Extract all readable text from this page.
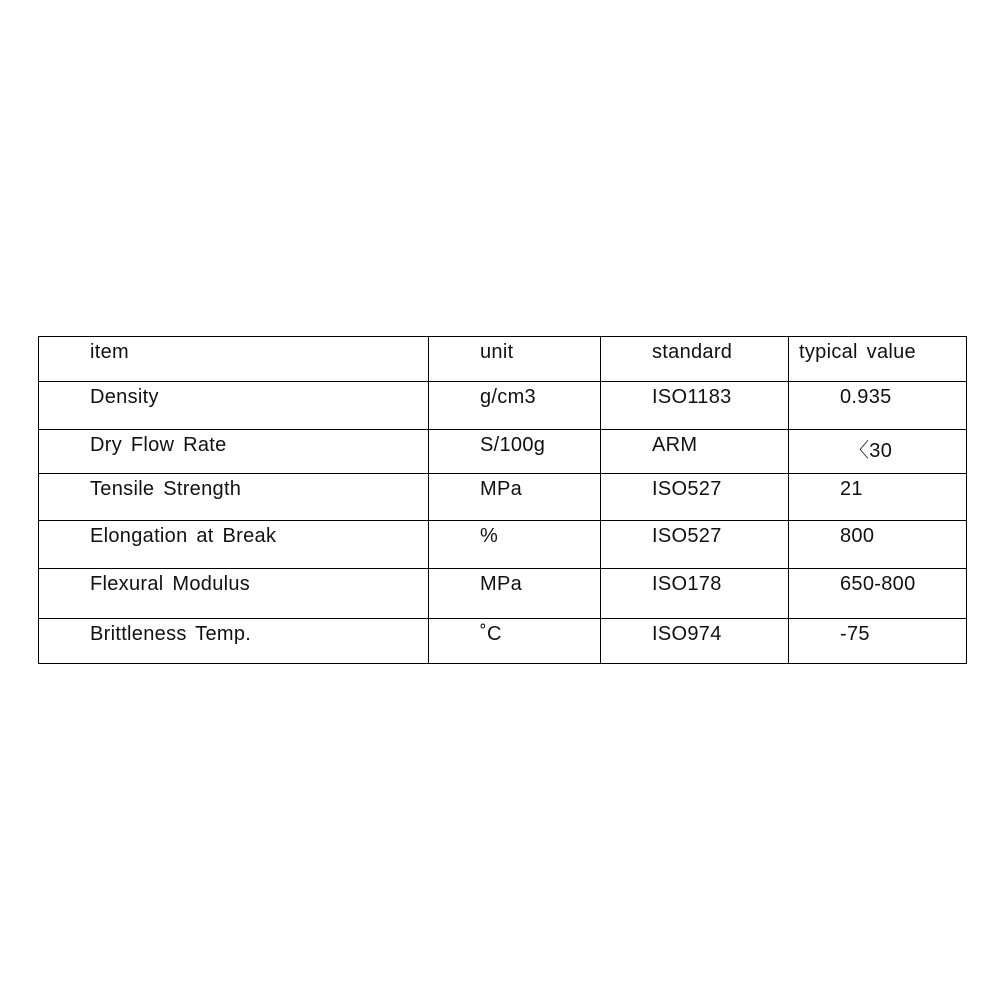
item	unit	standard	typical value

Density	g/cm3	ISO1183	0.935

Dry Flow Rate	S/100g	ARM	〈30

Tensile Strength	MPa	ISO527	21

Elongation at Break	%	ISO527	800

Flexural Modulus	MPa	ISO178	650-800

Brittleness Temp.	˚C	ISO974	-75
